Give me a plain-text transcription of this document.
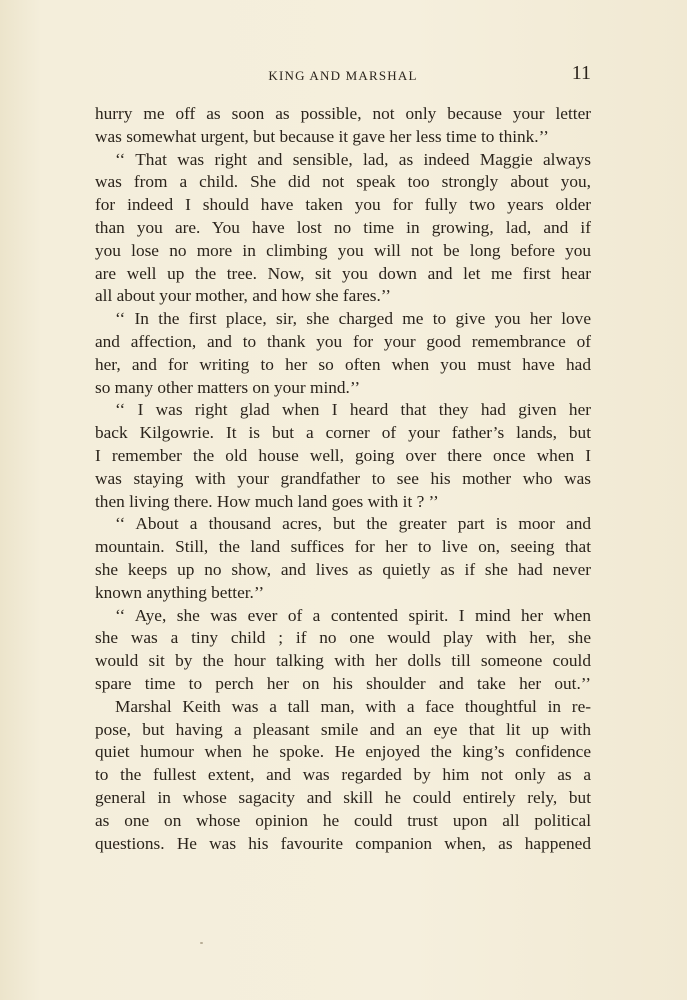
KING AND MARSHAL	11
hurry me off as soon as possible, not only because your letter
was somewhat urgent, but because it gave her less time to think.’’
‘‘ That was right and sensible, lad, as indeed Maggie always
was from a child. She did not speak too strongly about you,
for indeed I should have taken you for fully two years older
than you are. You have lost no time in growing, lad, and if
you lose no more in climbing you will not be long before you
are well up the tree. Now, sit you down and let me first hear
all about your mother, and how she fares.’’
‘‘ In the first place, sir, she charged me to give you her love
and affection, and to thank you for your good remembrance of
her, and for writing to her so often when you must have had
so many other matters on your mind.’’
‘‘ I was right glad when I heard that they had given her
back Kilgowrie. It is but a corner of your father’s lands, but
I remember the old house well, going over there once when I
was staying with your grandfather to see his mother who was
then living there. How much land goes with it ? ’’
‘‘ About a thousand acres, but the greater part is moor and
mountain. Still, the land suffices for her to live on, seeing that
she keeps up no show, and lives as quietly as if she had never
known anything better.’’
‘‘ Aye, she was ever of a contented spirit. I mind her when
she was a tiny child ; if no one would play with her, she
would sit by the hour talking with her dolls till someone could
spare time to perch her on his shoulder and take her out.’’
Marshal Keith was a tall man, with a face thoughtful in re-
pose, but having a pleasant smile and an eye that lit up with
quiet humour when he spoke. He enjoyed the king’s confidence
to the fullest extent, and was regarded by him not only as a
general in whose sagacity and skill he could entirely rely, but
as one on whose opinion he could trust upon all political
questions. He was his favourite companion when, as happened
